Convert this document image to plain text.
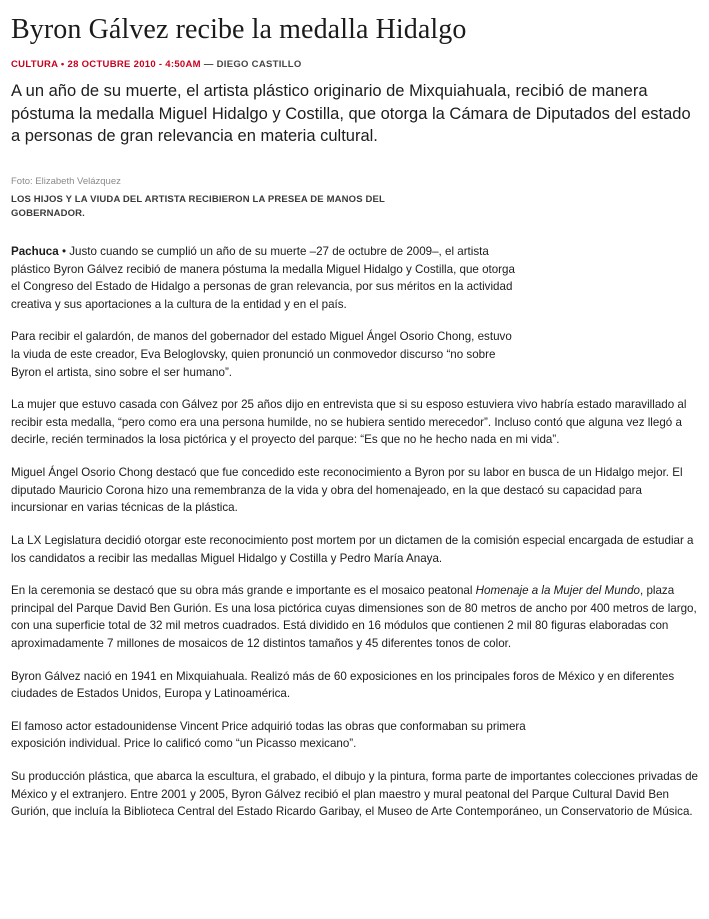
Byron Gálvez recibe la medalla Hidalgo
CULTURA • 28 OCTUBRE 2010 - 4:50AM — DIEGO CASTILLO

A un año de su muerte, el artista plástico originario de Mixquiahuala, recibió de manera póstuma la medalla Miguel Hidalgo y Costilla, que otorga la Cámara de Diputados del estado a personas de gran relevancia en materia cultural.

Foto: Elizabeth Velázquez
LOS HIJOS Y LA VIUDA DEL ARTISTA RECIBIERON LA PRESEA DE MANOS DEL GOBERNADOR.

Pachuca • Justo cuando se cumplió un año de su muerte –27 de octubre de 2009–, el artista plástico Byron Gálvez recibió de manera póstuma la medalla Miguel Hidalgo y Costilla, que otorga el Congreso del Estado de Hidalgo a personas de gran relevancia, por sus méritos en la actividad creativa y sus aportaciones a la cultura de la entidad y en el país.

Para recibir el galardón, de manos del gobernador del estado Miguel Ángel Osorio Chong, estuvo la viuda de este creador, Eva Beloglovsky, quien pronunció un conmovedor discurso “no sobre Byron el artista, sino sobre el ser humano”.

La mujer que estuvo casada con Gálvez por 25 años dijo en entrevista que si su esposo estuviera vivo habría estado maravillado al recibir esta medalla, “pero como era una persona humilde, no se hubiera sentido merecedor”. Incluso contó que alguna vez llegó a decirle, recién terminados la losa pictórica y el proyecto del parque: “Es que no he hecho nada en mi vida”.

Miguel Ángel Osorio Chong destacó que fue concedido este reconocimiento a Byron por su labor en busca de un Hidalgo mejor. El diputado Mauricio Corona hizo una remembranza de la vida y obra del homenajeado, en la que destacó su capacidad para incursionar en varias técnicas de la plástica.

La LX Legislatura decidió otorgar este reconocimiento post mortem por un dictamen de la comisión especial encargada de estudiar a los candidatos a recibir las medallas Miguel Hidalgo y Costilla y Pedro María Anaya.

En la ceremonia se destacó que su obra más grande e importante es el mosaico peatonal Homenaje a la Mujer del Mundo, plaza principal del Parque David Ben Gurión. Es una losa pictórica cuyas dimensiones son de 80 metros de ancho por 400 metros de largo, con una superficie total de 32 mil metros cuadrados. Está dividido en 16 módulos que contienen 2 mil 80 figuras elaboradas con aproximadamente 7 millones de mosaicos de 12 distintos tamaños y 45 diferentes tonos de color.

Byron Gálvez nació en 1941 en Mixquiahuala. Realizó más de 60 exposiciones en los principales foros de México y en diferentes ciudades de Estados Unidos, Europa y Latinoamérica.

El famoso actor estadounidense Vincent Price adquirió todas las obras que conformaban su primera exposición individual. Price lo calificó como “un Picasso mexicano”.

Su producción plástica, que abarca la escultura, el grabado, el dibujo y la pintura, forma parte de importantes colecciones privadas de México y el extranjero. Entre 2001 y 2005, Byron Gálvez recibió el plan maestro y mural peatonal del Parque Cultural David Ben Gurión, que incluía la Biblioteca Central del Estado Ricardo Garibay, el Museo de Arte Contemporáneo, un Conservatorio de Música.
